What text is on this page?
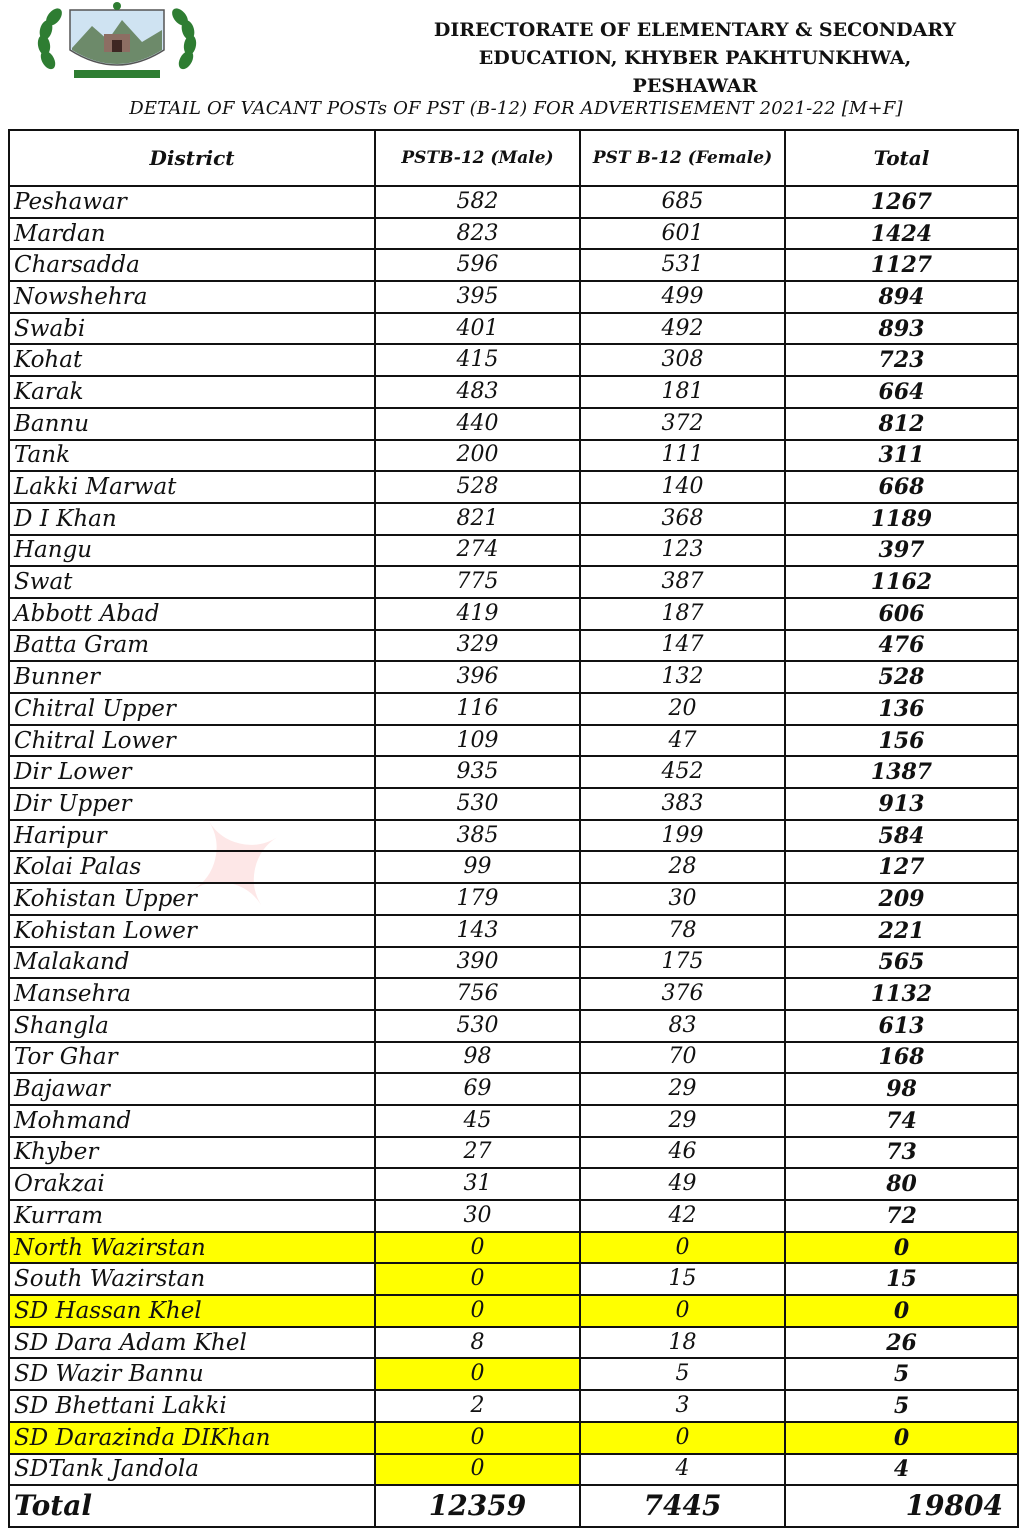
DIRECTORATE OF ELEMENTARY & SECONDARY
EDUCATION, KHYBER PAKHTUNKHWA, PESHAWAR
DETAIL OF VACANT POSTs OF PST (B-12) FOR ADVERTISEMENT 2021-22 [M+F]
✦
District	PSTB-12 (Male)	PST B-12 (Female)	Total
Peshawar	582	685	1267
Mardan	823	601	1424
Charsadda	596	531	1127
Nowshehra	395	499	894
Swabi	401	492	893
Kohat	415	308	723
Karak	483	181	664
Bannu	440	372	812
Tank	200	111	311
Lakki Marwat	528	140	668
D I Khan	821	368	1189
Hangu	274	123	397
Swat	775	387	1162
Abbott Abad	419	187	606
Batta Gram	329	147	476
Bunner	396	132	528
Chitral Upper	116	20	136
Chitral Lower	109	47	156
Dir Lower	935	452	1387
Dir Upper	530	383	913
Haripur	385	199	584
Kolai Palas	99	28	127
Kohistan Upper	179	30	209
Kohistan Lower	143	78	221
Malakand	390	175	565
Mansehra	756	376	1132
Shangla	530	83	613
Tor Ghar	98	70	168
Bajawar	69	29	98
Mohmand	45	29	74
Khyber	27	46	73
Orakzai	31	49	80
Kurram	30	42	72
North Wazirstan	0	0	0
South Wazirstan	0	15	15
SD Hassan Khel	0	0	0
SD Dara Adam Khel	8	18	26
SD Wazir Bannu	0	5	5
SD Bhettani Lakki	2	3	5
SD Darazinda DIKhan	0	0	0
SDTank Jandola	0	4	4
Total	12359	7445	19804
